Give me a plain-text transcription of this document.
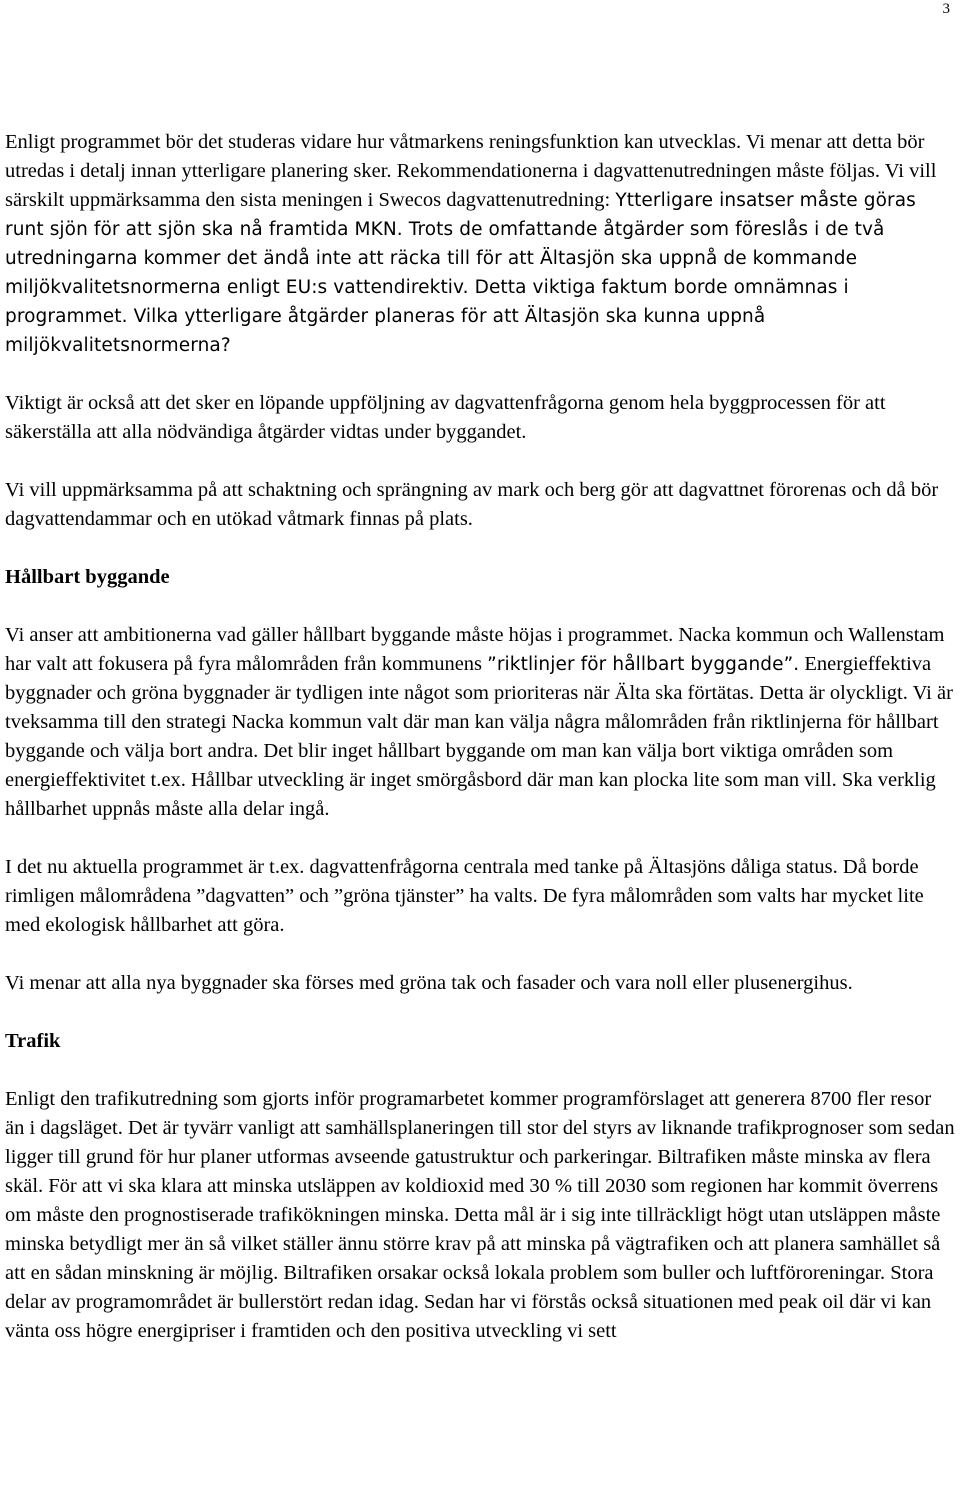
3

Enligt programmet bör det studeras vidare hur våtmarkens reningsfunktion kan utvecklas. Vi menar att detta bör utredas i detalj innan ytterligare planering sker. Rekommendationerna i dagvattenutredningen måste följas. Vi vill särskilt uppmärksamma den sista meningen i Swecos dagvattenutredning: Ytterligare insatser måste göras runt sjön för att sjön ska nå framtida MKN. Trots de omfattande åtgärder som föreslås i de två utredningarna kommer det ändå inte att räcka till för att Ältasjön ska uppnå de kommande miljökvalitetsnormerna enligt EU:s vattendirektiv. Detta viktiga faktum borde omnämnas i programmet. Vilka ytterligare åtgärder planeras för att Ältasjön ska kunna uppnå miljökvalitetsnormerna?

Viktigt är också att det sker en löpande uppföljning av dagvattenfrågorna genom hela byggprocessen för att säkerställa att alla nödvändiga åtgärder vidtas under byggandet.

Vi vill uppmärksamma på att schaktning och sprängning av mark och berg gör att dagvattnet förorenas och då bör dagvattendammar och en utökad våtmark finnas på plats.

Hållbart byggande

Vi anser att ambitionerna vad gäller hållbart byggande måste höjas i programmet. Nacka kommun och Wallenstam har valt att fokusera på fyra målområden från kommunens ”riktlinjer för hållbart byggande”. Energieffektiva byggnader och gröna byggnader är tydligen inte något som prioriteras när Älta ska förtätas. Detta är olyckligt. Vi är tveksamma till den strategi Nacka kommun valt där man kan välja några målområden från riktlinjerna för hållbart byggande och välja bort andra. Det blir inget hållbart byggande om man kan välja bort viktiga områden som energieffektivitet t.ex. Hållbar utveckling är inget smörgåsbord där man kan plocka lite som man vill. Ska verklig hållbarhet uppnås måste alla delar ingå.

I det nu aktuella programmet är t.ex. dagvattenfrågorna centrala med tanke på Ältasjöns dåliga status. Då borde rimligen målområdena ”dagvatten” och ”gröna tjänster” ha valts. De fyra målområden som valts har mycket lite med ekologisk hållbarhet att göra.

Vi menar att alla nya byggnader ska förses med gröna tak och fasader och vara noll eller plusenergihus.

Trafik

Enligt den trafikutredning som gjorts inför programarbetet kommer programförslaget att generera 8700 fler resor än i dagsläget. Det är tyvärr vanligt att samhällsplaneringen till stor del styrs av liknande trafikprognoser som sedan ligger till grund för hur planer utformas avseende gatustruktur och parkeringar. Biltrafiken måste minska av flera skäl. För att vi ska klara att minska utsläppen av koldioxid med 30 % till 2030 som regionen har kommit överrens om måste den prognostiserade trafikökningen minska. Detta mål är i sig inte tillräckligt högt utan utsläppen måste minska betydligt mer än så vilket ställer ännu större krav på att minska på vägtrafiken och att planera samhället så att en sådan minskning är möjlig. Biltrafiken orsakar också lokala problem som buller och luftföroreningar. Stora delar av programområdet är bullerstört redan idag. Sedan har vi förstås också situationen med peak oil där vi kan vänta oss högre energipriser i framtiden och den positiva utveckling vi sett
